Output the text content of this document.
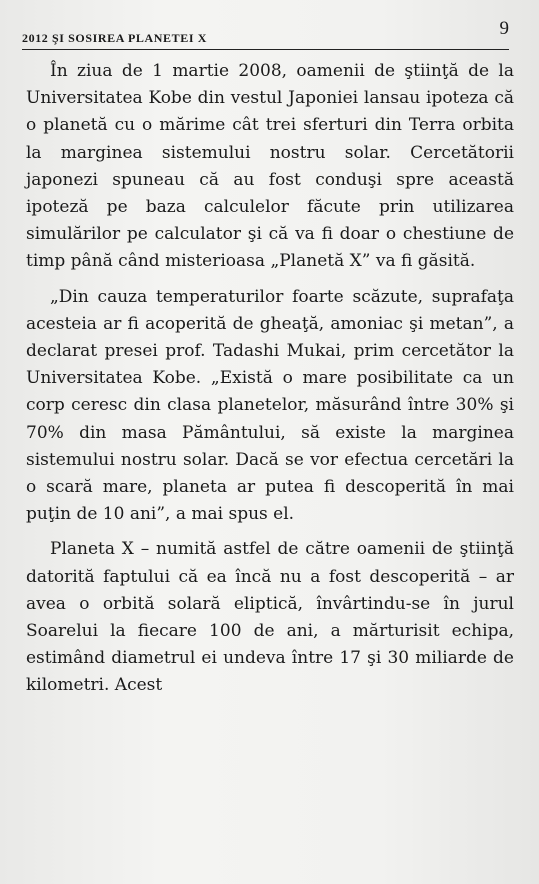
2012 ŞI SOSIREA PLANETEI X	9

În ziua de 1 martie 2008, oamenii de ştiinţă de la Universitatea Kobe din vestul Japoniei lansau ipoteza că o planetă cu o mărime cât trei sferturi din Terra orbita la marginea sistemului nostru solar. Cercetătorii japonezi spuneau că au fost conduşi spre această ipoteză pe baza calculelor făcute prin utilizarea simulărilor pe calculator şi că va fi doar o chestiune de timp până când misterioasa „Planetă X” va fi găsită.

„Din cauza temperaturilor foarte scăzute, suprafaţa acesteia ar fi acoperită de gheaţă, amoniac şi metan”, a declarat presei prof. Tadashi Mukai, prim cercetător la Universitatea Kobe. „Există o mare posibilitate ca un corp ceresc din clasa planetelor, măsurând între 30% şi 70% din masa Pământului, să existe la marginea sistemului nostru solar. Dacă se vor efectua cercetări la o scară mare, planeta ar putea fi descoperită în mai puţin de 10 ani”, a mai spus el.

Planeta X – numită astfel de către oamenii de ştiinţă datorită faptului că ea încă nu a fost descoperită – ar avea o orbită solară eliptică, învârtindu-se în jurul Soarelui la fiecare 100 de ani, a mărturisit echipa, estimând diametrul ei undeva între 17 şi 30 miliarde de kilometri. Acest
